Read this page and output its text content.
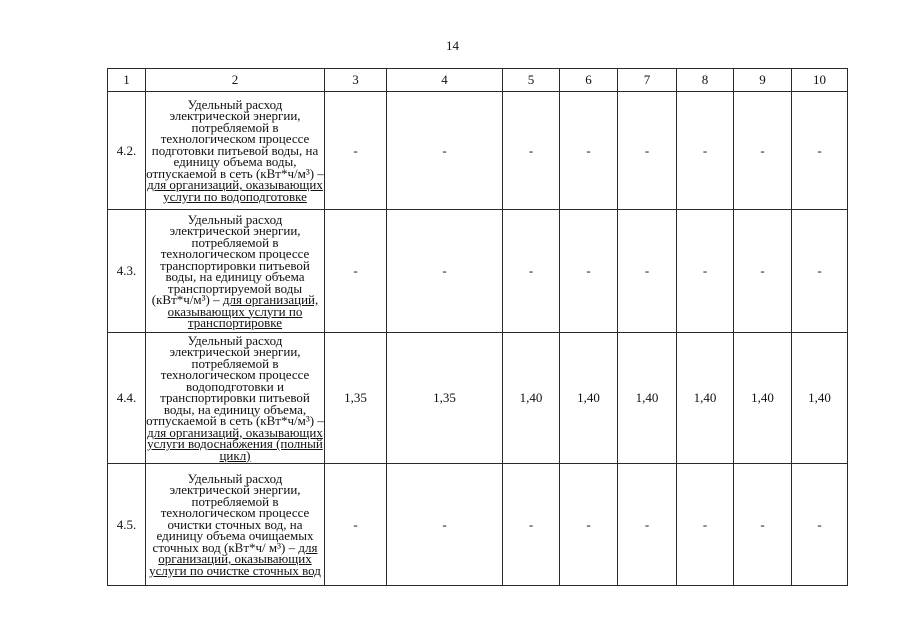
14
1	2	3	4	5	6	7	8	9	10
4.2.	Удельный расход электрической энергии, потребляемой в технологическом процессе подготовки питьевой воды, на единицу объема воды, отпускаемой в сеть (кВт*ч/м³) – для организаций, оказывающих услуги по водоподготовке	-	-	-	-	-	-	-	-
4.3.	Удельный расход электрической энергии, потребляемой в технологическом процессе транспортировки питьевой воды, на единицу объема транспортируемой воды (кВт*ч/м³) – для организаций, оказывающих услуги по транспортировке	-	-	-	-	-	-	-	-
4.4.	Удельный расход электрической энергии, потребляемой в технологическом процессе водоподготовки и транспортировки питьевой воды, на единицу объема, отпускаемой в сеть (кВт*ч/м³) – для организаций, оказывающих услуги водоснабжения (полный цикл)	1,35	1,35	1,40	1,40	1,40	1,40	1,40	1,40
4.5.	Удельный расход электрической энергии, потребляемой в технологическом процессе очистки сточных вод, на единицу объема очищаемых сточных вод (кВт*ч/ м³) – для организаций, оказывающих услуги по очистке сточных вод	-	-	-	-	-	-	-	-
